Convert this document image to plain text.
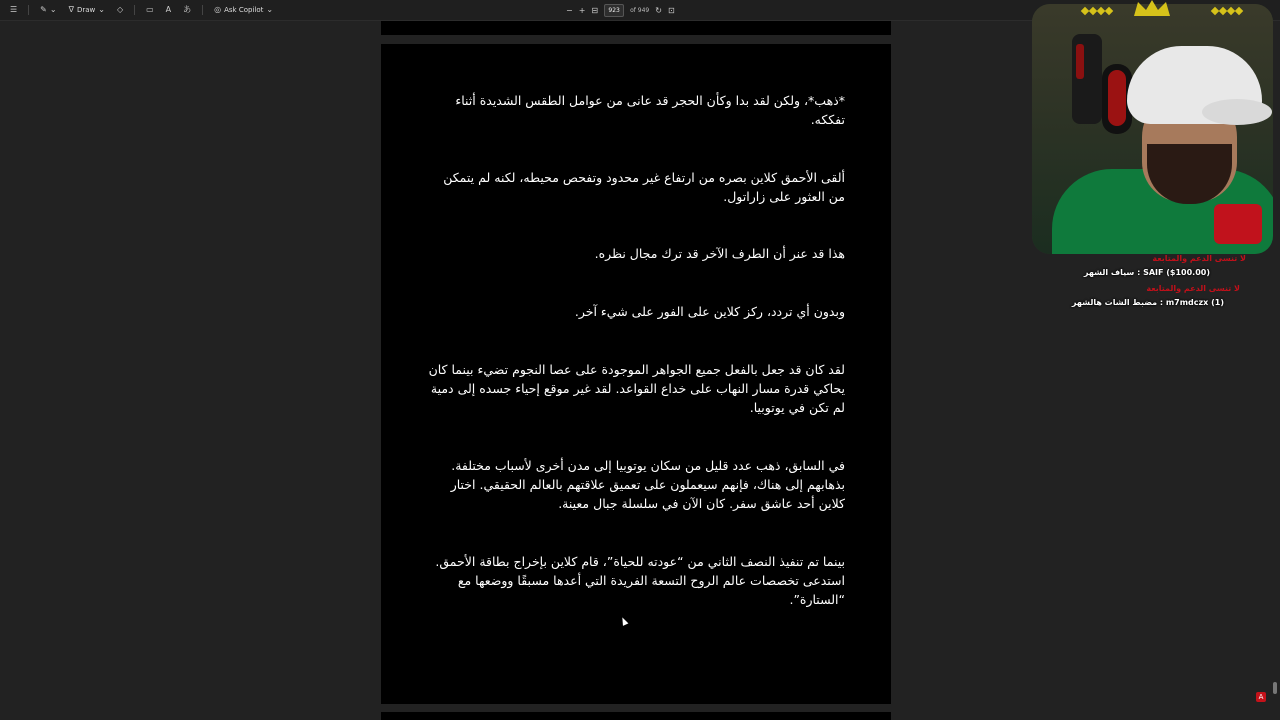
☰	✎ ⌄ ∇ Draw ⌄ ◇	▭ A あ	◎ Ask Copilot ⌄	− + ⊟	923	of 949 ↻ ⊡
*ذهب*، ولكن لقد بدا وكأن الحجر قد عانى من عوامل الطقس الشديدة أثناء تفككه.
ألقى الأحمق كلاين بصره من ارتفاع غير محدود وتفحص محيطه، لكنه لم يتمكن من العثور على زاراتول.
هذا قد عنر أن الطرف الآخر قد ترك مجال نظره.
وبدون أي تردد، ركز كلاين على الفور على شيء آخر.
لقد كان قد جعل بالفعل جميع الجواهر الموجودة على عصا النجوم تضيء بينما كان يحاكي قدرة مسار النهاب على خداع القواعد. لقد غير موقع إحياء جسده إلى دمية لم تكن في يوتوبيا.
في السابق، ذهب عدد قليل من سكان يوتوبيا إلى مدن أخرى لأسباب مختلفة. بذهابهم إلى هناك، فإنهم سيعملون على تعميق علاقتهم بالعالم الحقيقي. اختار كلاين أحد عاشق سفر. كان الآن في سلسلة جبال معينة.
بينما تم تنفيذ النصف الثاني من “عودته للحياة”، قام كلاين بإخراج بطاقة الأحمق. استدعى تخصصات عالم الروح التسعة الفريدة التي أعدها مسبقًا ووضعها مع “الستارة”.
لا تنسى الدعم والمتابعة
SAIF ($100.00) : سياف الشهر
لا تنسى الدعم والمتابعة
m7mdczx (1) : مضبط الشات هالشهر
A
